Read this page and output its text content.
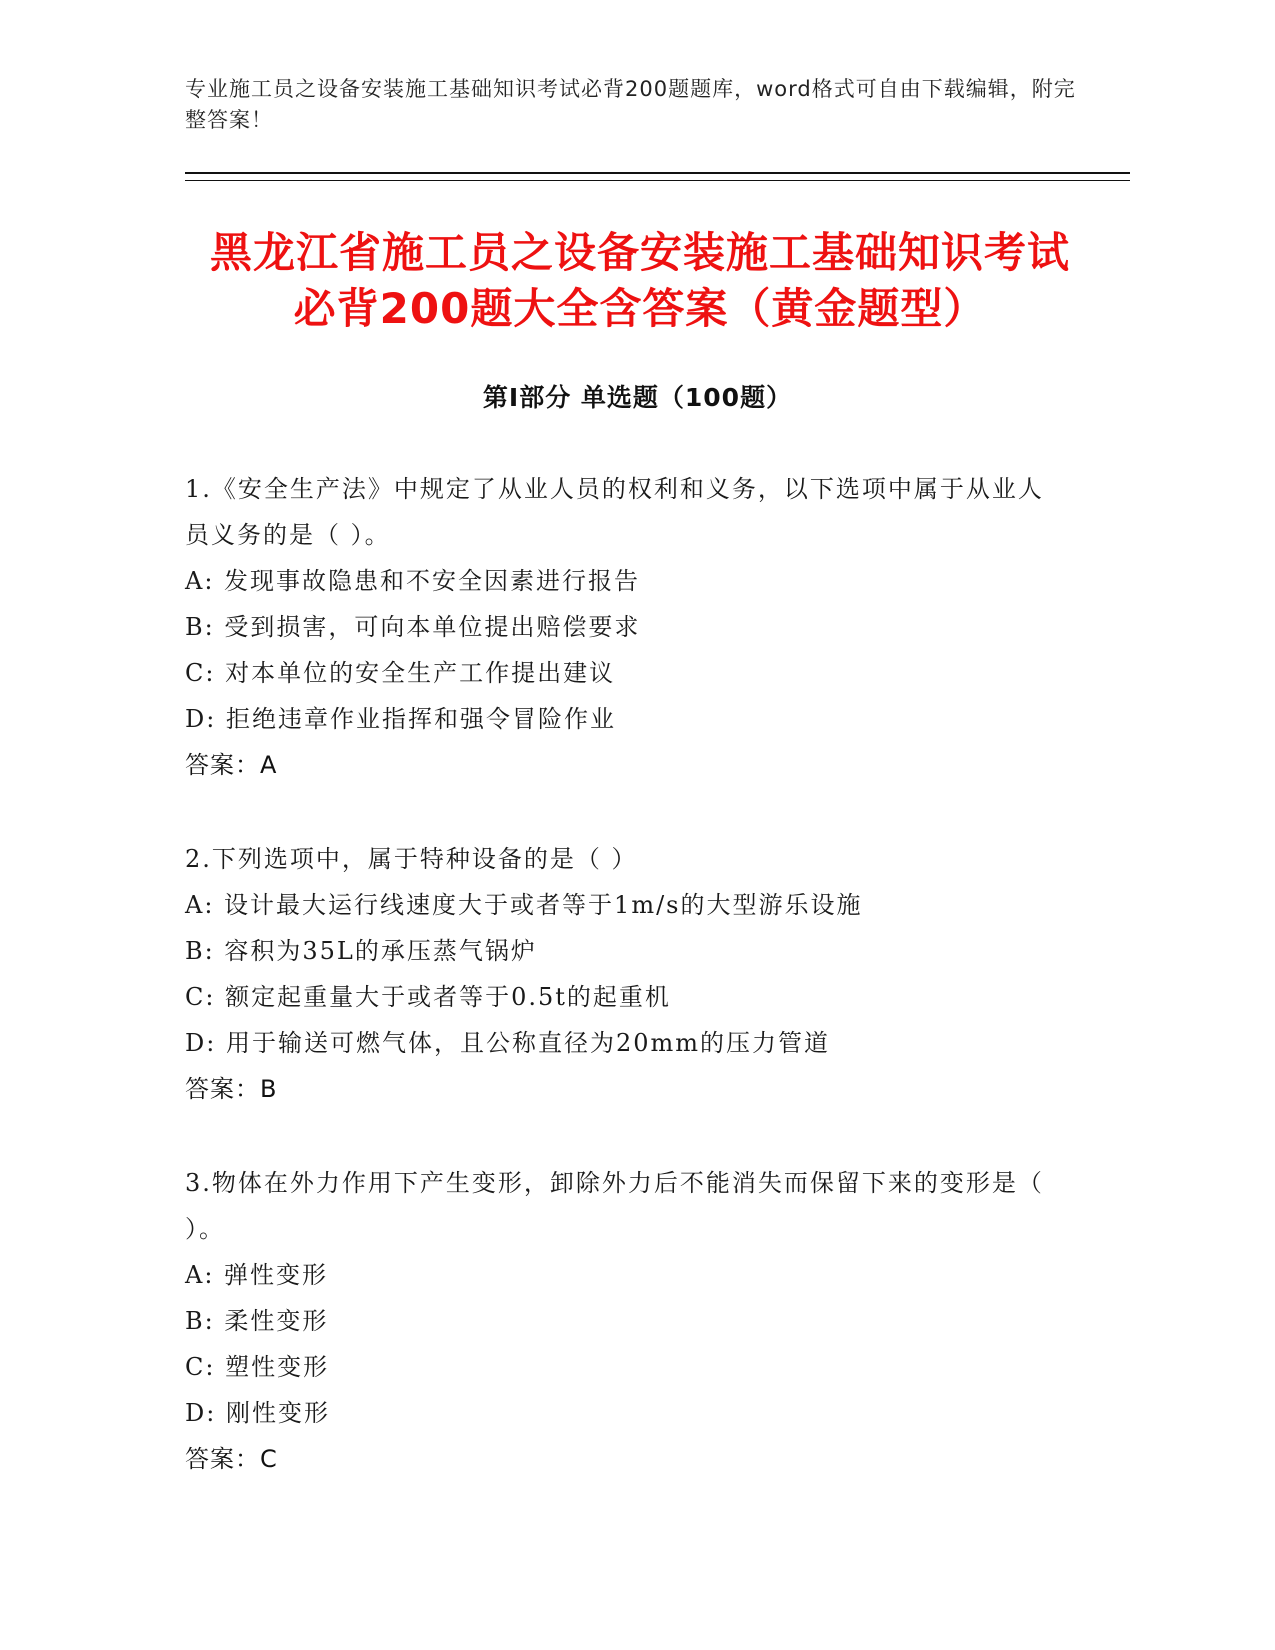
专业施工员之设备安装施工基础知识考试必背200题题库，word格式可自由下载编辑，附完整答案！
黑龙江省施工员之设备安装施工基础知识考试必背200题大全含答案（黄金题型）
第Ⅰ部分 单选题（100题）
1.《安全生产法》中规定了从业人员的权利和义务，以下选项中属于从业人员义务的是（ ）。
A: 发现事故隐患和不安全因素进行报告
B: 受到损害，可向本单位提出赔偿要求
C: 对本单位的安全生产工作提出建议
D: 拒绝违章作业指挥和强令冒险作业
答案：A
2.下列选项中，属于特种设备的是（ ）
A: 设计最大运行线速度大于或者等于1m/s的大型游乐设施
B: 容积为35L的承压蒸气锅炉
C: 额定起重量大于或者等于0.5t的起重机
D: 用于输送可燃气体，且公称直径为20mm的压力管道
答案：B
3.物体在外力作用下产生变形，卸除外力后不能消失而保留下来的变形是（ ）。
A: 弹性变形
B: 柔性变形
C: 塑性变形
D: 刚性变形
答案：C
